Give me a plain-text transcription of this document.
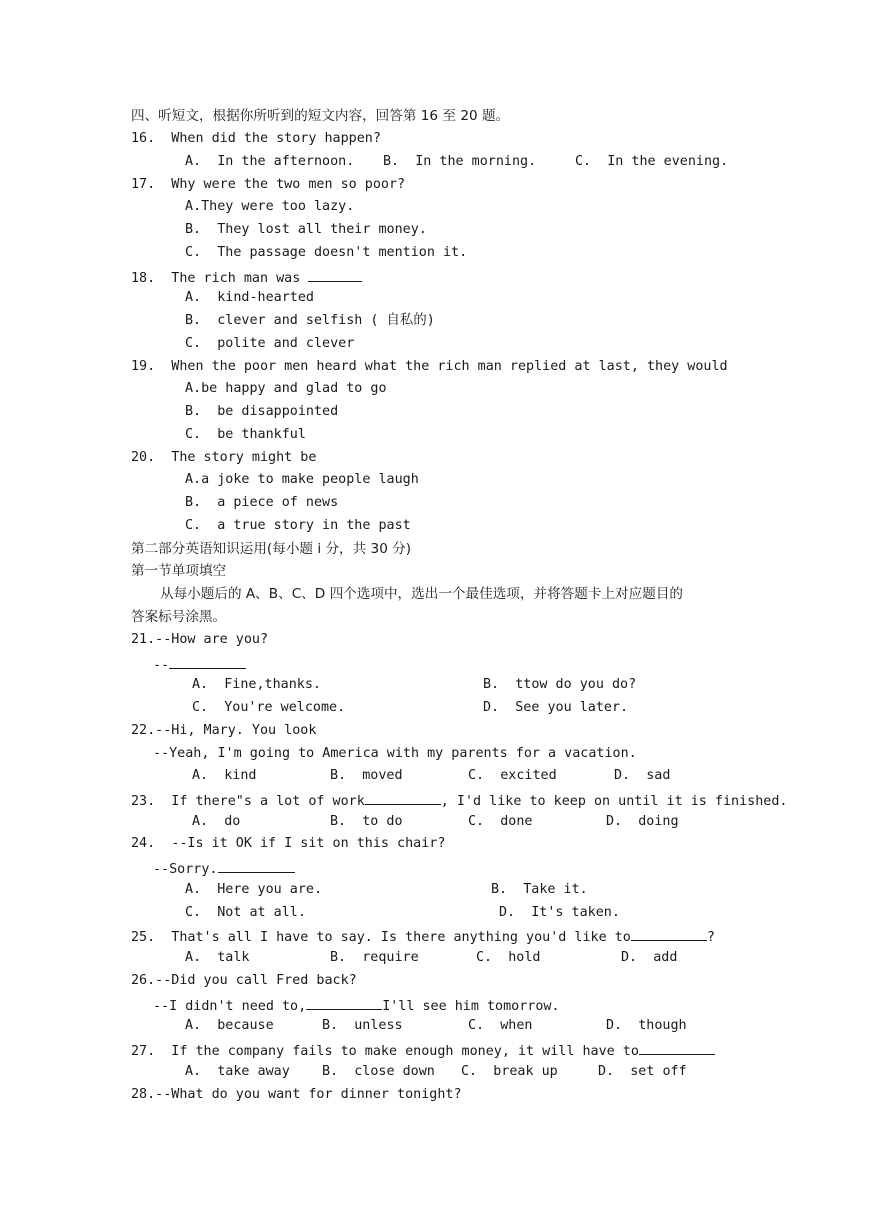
四、听短文，根据你所听到的短文内容，回答第 16 至 20 题。
16.  When did the story happen?
A.  In the afternoon. B.  In the morning.	C.  In the evening.
17.  Why were the two men so poor?
A.They were too lazy.
B.  They lost all their money.
C.  The passage doesn't mention it.
18.  The rich man was
A.  kind-hearted
B.  clever and selfish ( 自私的)
C.  polite and clever
19.  When the poor men heard what the rich man replied at last, they would
A.be happy and glad to go
B.  be disappointed
C.  be thankful
20.  The story might be
A.a joke to make people laugh
B.  a piece of news
C.  a true story in the past
第二部分英语知识运用(每小题 i 分，共 30 分)
第一节单项填空
从每小题后的 A、B、C、D 四个选项中，选出一个最佳选项，并将答题卡上对应题目的
答案标号涂黑。
21.--How are you?
--
A.  Fine,thanks.	B.  ttow do you do?
C.  You're welcome.	D.  See you later.
22.--Hi, Mary. You look
--Yeah, I'm going to America with my parents for a vacation.
A.  kind	B.  moved	C.  excited	D.  sad
23.  If there"s a lot of work	, I'd like to keep on until it is finished.
A.  do	B.  to do	C.  done	D.  doing
24.  --Is it OK if I sit on this chair?
--Sorry.
A.  Here you are.	B.  Take it.
C.  Not at all.	D.  It's taken.
25.  That's all I have to say. Is there anything you'd like to	?
A.  talk	B.  require	C.  hold	D.  add
26.--Did you call Fred back?
--I didn't need to,	I'll see him tomorrow.
A.  because	B.  unless	C.  when	D.  though
27.  If the company fails to make enough money, it will have to
A.  take away B.  close down C.  break up	D.  set off
28.--What do you want for dinner tonight?
